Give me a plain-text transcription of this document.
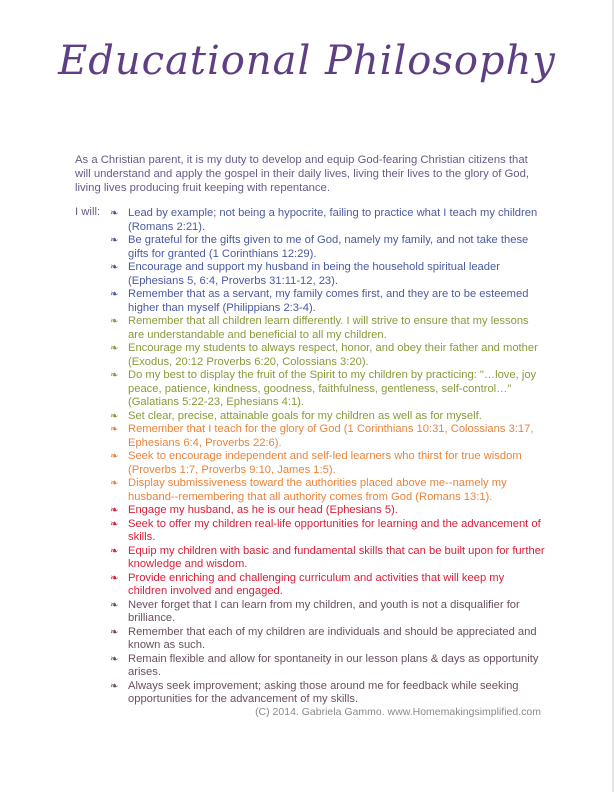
Educational Philosophy
As a Christian parent, it is my duty to develop and equip God-fearing Christian citizens that will understand and apply the gospel in their daily lives, living their lives to the glory of God, living lives producing fruit keeping with repentance.
I will: ❧ Lead by example; not being a hypocrite, failing to practice what I teach my children (Romans 2:21).
❧ Be grateful for the gifts given to me of God, namely my family, and not take these gifts for granted (1 Corinthians 12:29).
❧ Encourage and support my husband in being the household spiritual leader (Ephesians 5, 6:4, Proverbs 31:11-12, 23).
❧ Remember that as a servant, my family comes first, and they are to be esteemed higher than myself (Philippians 2:3-4).
❧ Remember that all children learn differently. I will strive to ensure that my lessons are understandable and beneficial to all my children.
❧ Encourage my students to always respect, honor, and obey their father and mother (Exodus, 20:12 Proverbs 6:20, Colossians 3:20).
❧ Do my best to display the fruit of the Spirit to my children by practicing: "…love, joy peace, patience, kindness, goodness, faithfulness, gentleness, self-control…" (Galatians 5:22-23, Ephesians 4:1).
❧ Set clear, precise, attainable goals for my children as well as for myself.
❧ Remember that I teach for the glory of God (1 Corinthians 10:31, Colossians 3:17, Ephesians 6:4, Proverbs 22:6).
❧ Seek to encourage independent and self-led learners who thirst for true wisdom (Proverbs 1:7, Proverbs 9:10, James 1:5).
❧ Display submissiveness toward the authorities placed above me--namely my husband--remembering that all authority comes from God (Romans 13:1).
❧ Engage my husband, as he is our head (Ephesians 5).
❧ Seek to offer my children real-life opportunities for learning and the advancement of skills.
❧ Equip my children with basic and fundamental skills that can be built upon for further knowledge and wisdom.
❧ Provide enriching and challenging curriculum and activities that will keep my children involved and engaged.
❧ Never forget that I can learn from my children, and youth is not a disqualifier for brilliance.
❧ Remember that each of my children are individuals and should be appreciated and known as such.
❧ Remain flexible and allow for spontaneity in our lesson plans & days as opportunity arises.
❧ Always seek improvement; asking those around me for feedback while seeking opportunities for the advancement of my skills.
(C) 2014. Gabriela Gammo. www.Homemakingsimplified.com
